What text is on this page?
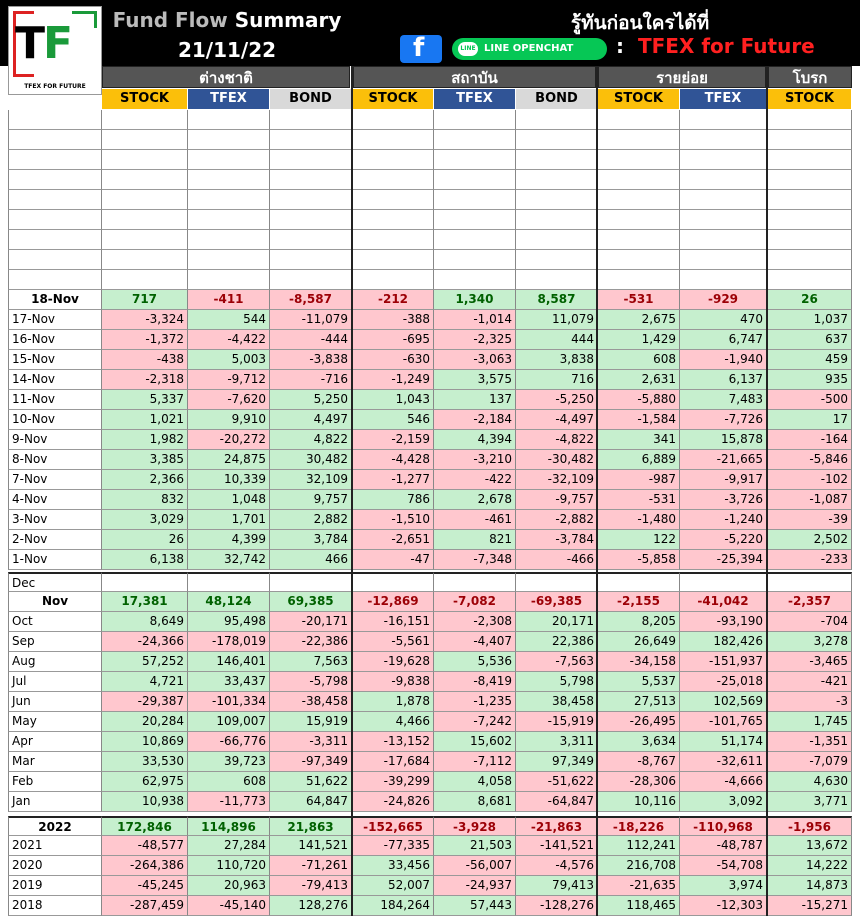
TF
TFEX FOR FUTURE
Fund Flow Summary
21/11/22
รู้ทันก่อนใครได้ที่
f	LINE LINE OPENCHAT : TFEX for Future
ต่างชาติ	สถาบัน	รายย่อย	โบรก
STOCK	TFEX	BOND	STOCK	TFEX	BOND	STOCK	TFEX	STOCK
18-Nov	717	-411	-8,587	-212	1,340	8,587	-531	-929	26
17-Nov	-3,324	544	-11,079	-388	-1,014	11,079	2,675	470	1,037
16-Nov	-1,372	-4,422	-444	-695	-2,325	444	1,429	6,747	637
15-Nov	-438	5,003	-3,838	-630	-3,063	3,838	608	-1,940	459
14-Nov	-2,318	-9,712	-716	-1,249	3,575	716	2,631	6,137	935
11-Nov	5,337	-7,620	5,250	1,043	137	-5,250	-5,880	7,483	-500
10-Nov	1,021	9,910	4,497	546	-2,184	-4,497	-1,584	-7,726	17
9-Nov	1,982	-20,272	4,822	-2,159	4,394	-4,822	341	15,878	-164
8-Nov	3,385	24,875	30,482	-4,428	-3,210	-30,482	6,889	-21,665	-5,846
7-Nov	2,366	10,339	32,109	-1,277	-422	-32,109	-987	-9,917	-102
4-Nov	832	1,048	9,757	786	2,678	-9,757	-531	-3,726	-1,087
3-Nov	3,029	1,701	2,882	-1,510	-461	-2,882	-1,480	-1,240	-39
2-Nov	26	4,399	3,784	-2,651	821	-3,784	122	-5,220	2,502
1-Nov	6,138	32,742	466	-47	-7,348	-466	-5,858	-25,394	-233
Dec
Nov	17,381	48,124	69,385	-12,869	-7,082	-69,385	-2,155	-41,042	-2,357
Oct	8,649	95,498	-20,171	-16,151	-2,308	20,171	8,205	-93,190	-704
Sep	-24,366	-178,019	-22,386	-5,561	-4,407	22,386	26,649	182,426	3,278
Aug	57,252	146,401	7,563	-19,628	5,536	-7,563	-34,158	-151,937	-3,465
Jul	4,721	33,437	-5,798	-9,838	-8,419	5,798	5,537	-25,018	-421
Jun	-29,387	-101,334	-38,458	1,878	-1,235	38,458	27,513	102,569	-3
May	20,284	109,007	15,919	4,466	-7,242	-15,919	-26,495	-101,765	1,745
Apr	10,869	-66,776	-3,311	-13,152	15,602	3,311	3,634	51,174	-1,351
Mar	33,530	39,723	-97,349	-17,684	-7,112	97,349	-8,767	-32,611	-7,079
Feb	62,975	608	51,622	-39,299	4,058	-51,622	-28,306	-4,666	4,630
Jan	10,938	-11,773	64,847	-24,826	8,681	-64,847	10,116	3,092	3,771
2022	172,846	114,896	21,863	-152,665	-3,928	-21,863	-18,226	-110,968	-1,956
2021	-48,577	27,284	141,521	-77,335	21,503	-141,521	112,241	-48,787	13,672
2020	-264,386	110,720	-71,261	33,456	-56,007	-4,576	216,708	-54,708	14,222
2019	-45,245	20,963	-79,413	52,007	-24,937	79,413	-21,635	3,974	14,873
2018	-287,459	-45,140	128,276	184,264	57,443	-128,276	118,465	-12,303	-15,271
